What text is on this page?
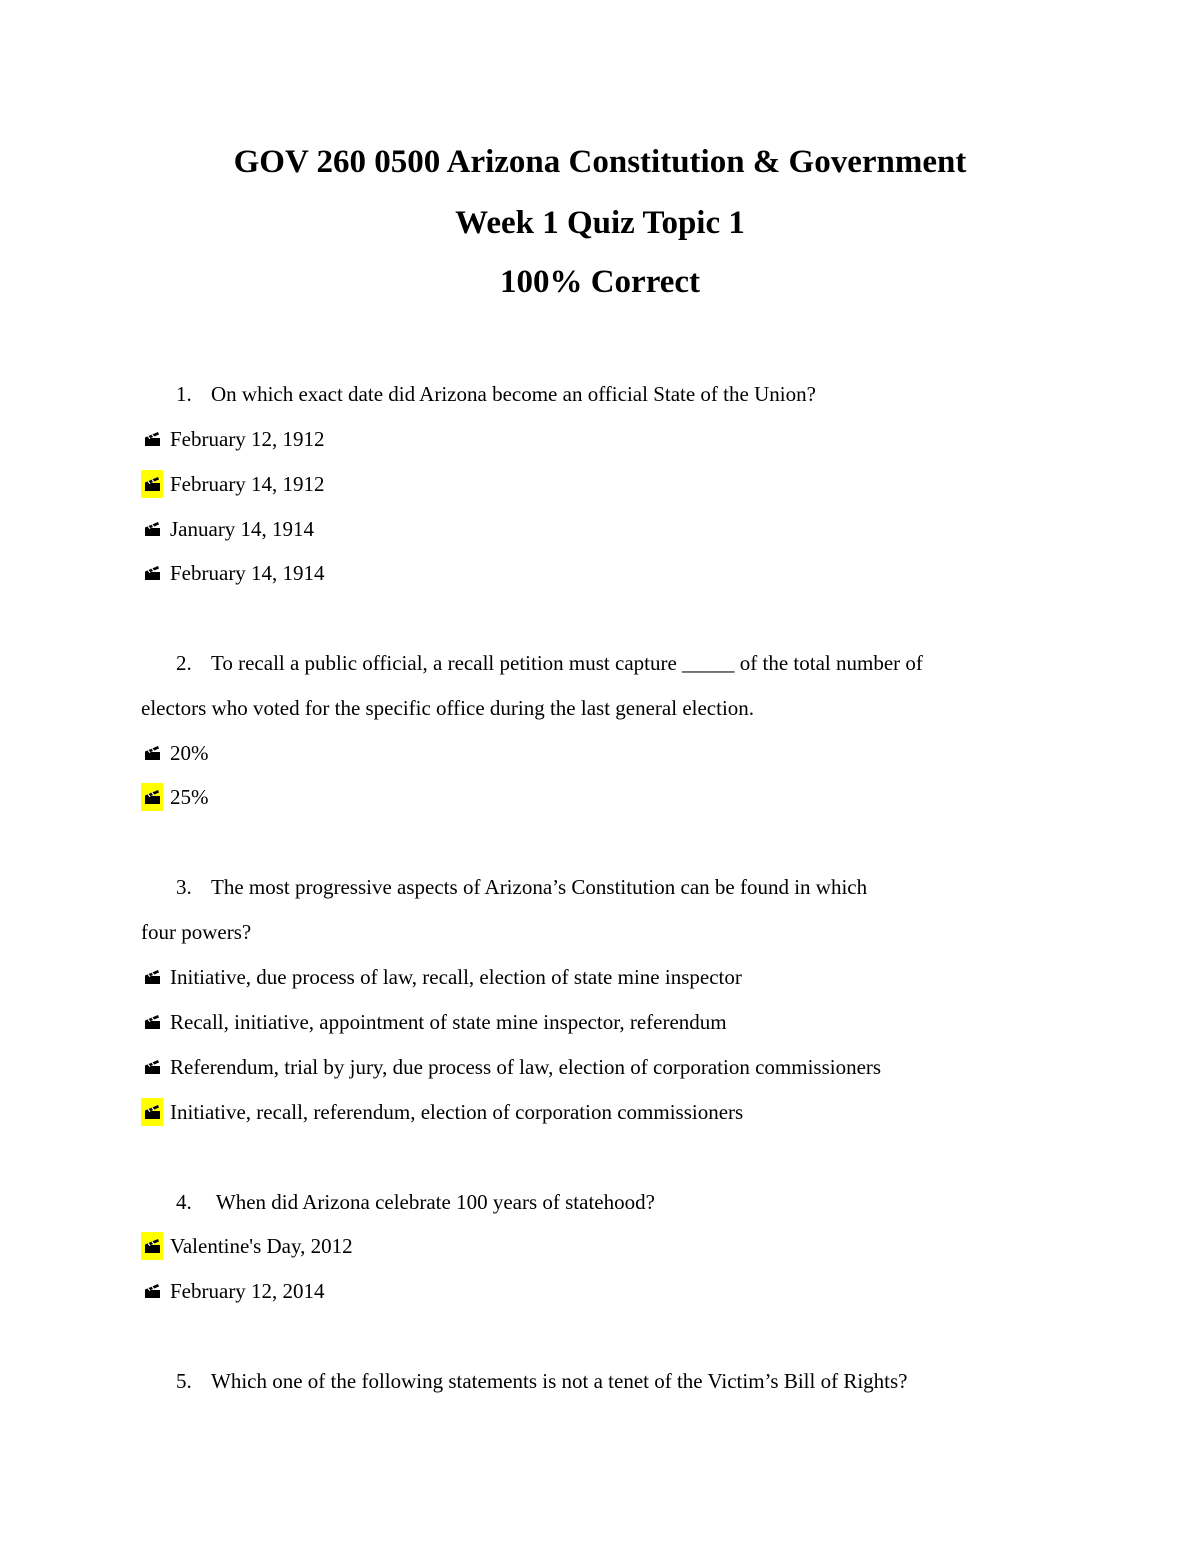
GOV 260 0500 Arizona Constitution & Government
Week 1 Quiz Topic 1
100% Correct
1. On which exact date did Arizona become an official State of the Union?
February 12, 1912
February 14, 1912
January 14, 1914
February 14, 1914
2. To recall a public official, a recall petition must capture _____ of the total number of
electors who voted for the specific office during the last general election.
20%
25%
3. The most progressive aspects of Arizona’s Constitution can be found in which
four powers?
Initiative, due process of law, recall, election of state mine inspector
Recall, initiative, appointment of state mine inspector, referendum
Referendum, trial by jury, due process of law, election of corporation commissioners
Initiative, recall, referendum, election of corporation commissioners
4. When did Arizona celebrate 100 years of statehood?
Valentine's Day, 2012
February 12, 2014
5. Which one of the following statements is not a tenet of the Victim’s Bill of Rights?
